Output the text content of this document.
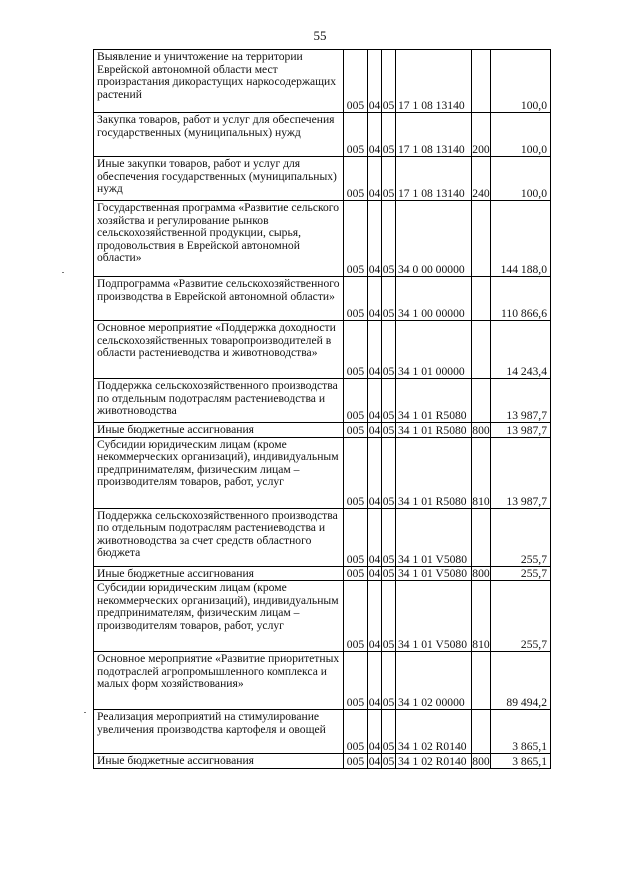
55
Выявление и уничтожение на территории Еврейской автономной области мест произрастания дикорастущих наркосодержащих растений	005	04	05	17 1 08 13140		100,0
Закупка товаров, работ и услуг для обеспечения государственных (муниципальных) нужд	005	04	05	17 1 08 13140	200	100,0
Иные закупки товаров, работ и услуг для обеспечения государственных (муниципальных) нужд	005	04	05	17 1 08 13140	240	100,0
Государственная программа «Развитие сельского хозяйства и регулирование рынков сельскохозяйственной продукции, сырья, продовольствия в Еврейской автономной области»	005	04	05	34 0 00 00000		144 188,0
Подпрограмма «Развитие сельскохозяйственного производства в Еврейской автономной области»	005	04	05	34 1 00 00000		110 866,6
Основное мероприятие «Поддержка доходности сельскохозяйственных товаропроизводителей в области растениеводства и животноводства»	005	04	05	34 1 01 00000		14 243,4
Поддержка сельскохозяйственного производства по отдельным подотраслям растениеводства и животноводства	005	04	05	34 1 01 R5080		13 987,7
Иные бюджетные ассигнования	005	04	05	34 1 01 R5080	800	13 987,7
Субсидии юридическим лицам (кроме некоммерческих организаций), индивидуальным предпринимателям, физическим лицам – производителям товаров, работ, услуг	005	04	05	34 1 01 R5080	810	13 987,7
Поддержка сельскохозяйственного производства по отдельным подотраслям растениеводства и животноводства за счет средств областного бюджета	005	04	05	34 1 01 V5080		255,7
Иные бюджетные ассигнования	005	04	05	34 1 01 V5080	800	255,7
Субсидии юридическим лицам (кроме некоммерческих организаций), индивидуальным предпринимателям, физическим лицам – производителям товаров, работ, услуг	005	04	05	34 1 01 V5080	810	255,7
Основное мероприятие «Развитие приоритетных подотраслей агропромышленного комплекса и малых форм хозяйствования»	005	04	05	34 1 02 00000		89 494,2
Реализация мероприятий на стимулирование увеличения производства картофеля и овощей	005	04	05	34 1 02 R0140		3 865,1
Иные бюджетные ассигнования	005	04	05	34 1 02 R0140	800	3 865,1
